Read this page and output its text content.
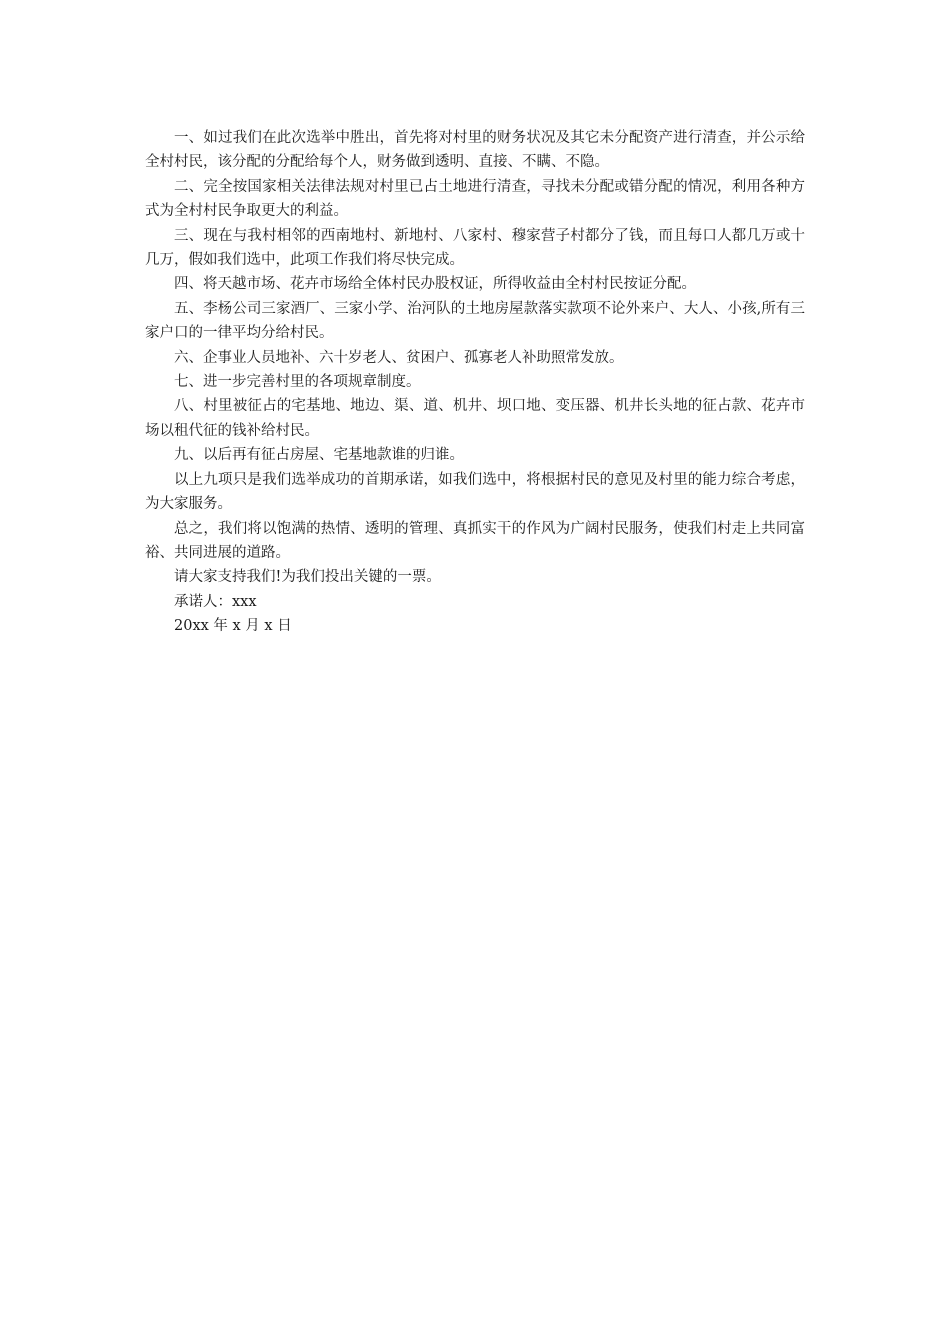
一、如过我们在此次选举中胜出，首先将对村里的财务状况及其它未分配资产进行清查，并公示给全村村民，该分配的分配给每个人，财务做到透明、直接、不瞒、不隐。

二、完全按国家相关法律法规对村里已占土地进行清查，寻找未分配或错分配的情况，利用各种方式为全村村民争取更大的利益。

三、现在与我村相邻的西南地村、新地村、八家村、穆家营子村都分了钱，而且每口人都几万或十几万，假如我们选中，此项工作我们将尽快完成。

四、将天越市场、花卉市场给全体村民办股权证，所得收益由全村村民按证分配。

五、李杨公司三家酒厂、三家小学、治河队的土地房屋款落实款项不论外来户、大人、小孩,所有三家户口的一律平均分给村民。

六、企事业人员地补、六十岁老人、贫困户、孤寡老人补助照常发放。

七、进一步完善村里的各项规章制度。

八、村里被征占的宅基地、地边、渠、道、机井、坝口地、变压器、机井长头地的征占款、花卉市场以租代征的钱补给村民。

九、以后再有征占房屋、宅基地款谁的归谁。

以上九项只是我们选举成功的首期承诺，如我们选中，将根据村民的意见及村里的能力综合考虑，为大家服务。

总之，我们将以饱满的热情、透明的管理、真抓实干的作风为广阔村民服务，使我们村走上共同富裕、共同进展的道路。

请大家支持我们!为我们投出关键的一票。

承诺人：xxx

20xx 年 x 月 x 日
